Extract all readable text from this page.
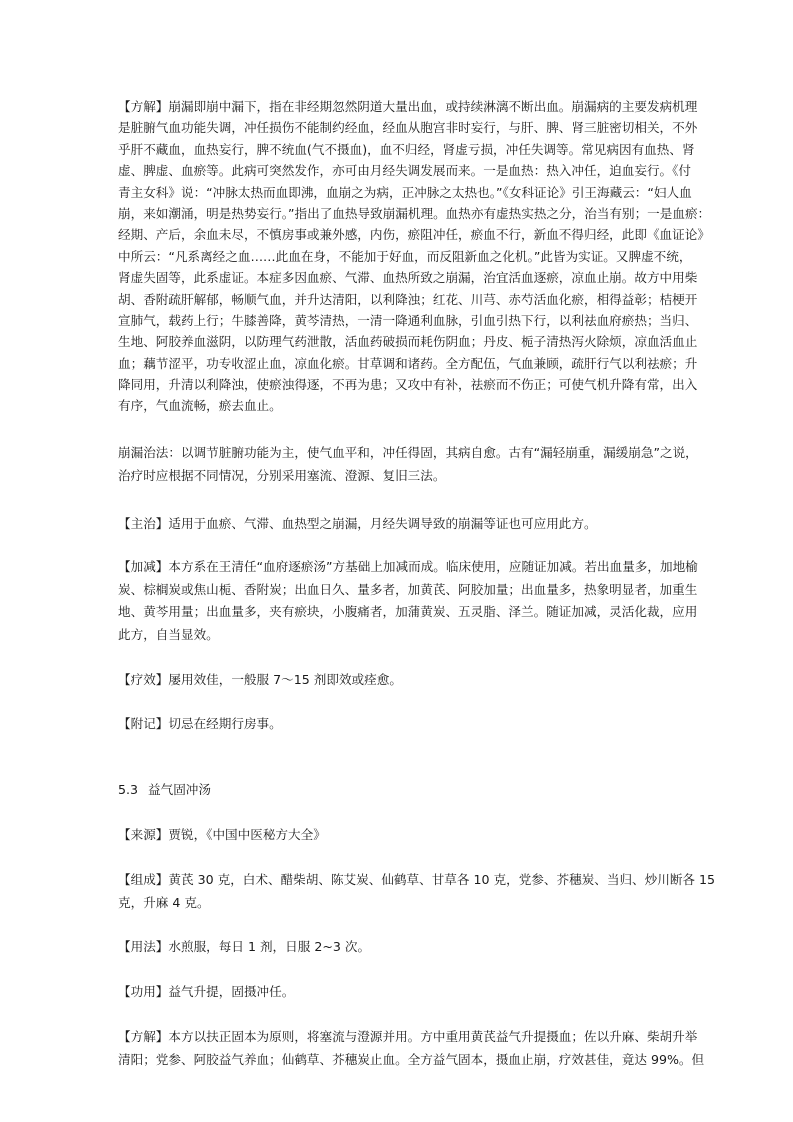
【方解】崩漏即崩中漏下，指在非经期忽然阴道大量出血，或持续淋漓不断出血。崩漏病的主要发病机理
是脏腑气血功能失调，冲任损伤不能制约经血，经血从胞宫非时妄行，与肝、脾、肾三脏密切相关，不外
乎肝不藏血，血热妄行，脾不统血(气不摄血)，血不归经，肾虚亏损，冲任失调等。常见病因有血热、肾
虚、脾虚、血瘀等。此病可突然发作，亦可由月经失调发展而来。一是血热：热入冲任，迫血妄行。《付
青主女科》说：“冲脉太热而血即沸，血崩之为病，正冲脉之太热也。”《女科证论》引王海藏云：“妇人血
崩，来如潮涌，明是热势妄行。”指出了血热导致崩漏机理。血热亦有虚热实热之分，治当有别；一是血瘀：
经期、产后，余血未尽，不慎房事或兼外感，内伤，瘀阻冲任，瘀血不行，新血不得归经，此即《血证论》
中所云：“凡系离经之血……此血在身，不能加于好血，而反阻新血之化机。”此皆为实证。又脾虚不统，
肾虚失固等，此系虚证。本症多因血瘀、气滞、血热所致之崩漏，治宜活血逐瘀，凉血止崩。故方中用柴
胡、香附疏肝解郁，畅顺气血，并升达清阳，以利降浊；红花、川芎、赤芍活血化瘀，相得益彰；桔梗开
宣肺气，载药上行；牛膝善降，黄芩清热，一清一降通利血脉，引血引热下行，以利祛血府瘀热；当归、
生地、阿胶养血滋阴，以防理气药泄散，活血药破损而耗伤阴血；丹皮、栀子清热泻火除烦，凉血活血止
血；藕节涩平，功专收涩止血，凉血化瘀。甘草调和诸药。全方配伍，气血兼顾，疏肝行气以利祛瘀；升
降同用，升清以利降浊，使瘀浊得逐，不再为患；又攻中有补，祛瘀而不伤正；可使气机升降有常，出入
有序，气血流畅，瘀去血止。
崩漏治法：以调节脏腑功能为主，使气血平和，冲任得固，其病自愈。古有“漏轻崩重，漏缓崩急”之说，
治疗时应根据不同情况，分别采用塞流、澄源、复旧三法。
【主治】适用于血瘀、气滞、血热型之崩漏，月经失调导致的崩漏等证也可应用此方。
【加减】本方系在王清任“血府逐瘀汤”方基础上加减而成。临床使用，应随证加减。若出血量多，加地榆
炭、棕榈炭或焦山栀、香附炭；出血日久、量多者，加黄芪、阿胶加量；出血量多，热象明显者，加重生
地、黄芩用量；出血量多，夹有瘀块，小腹痛者，加蒲黄炭、五灵脂、泽兰。随证加减，灵活化裁，应用
此方，自当显效。
【疗效】屡用效佳，一般服 7～15 剂即效或痊愈。
【附记】切忌在经期行房事。
5.3 益气固冲汤
【来源】贾锐，《中国中医秘方大全》
【组成】黄芪 30 克，白术、醋柴胡、陈艾炭、仙鹤草、甘草各 10 克，党参、芥穗炭、当归、炒川断各 15
克，升麻 4 克。
【用法】水煎服，每日 1 剂，日服 2~3 次。
【功用】益气升提，固摄冲任。
【方解】本方以扶正固本为原则，将塞流与澄源并用。方中重用黄芪益气升提摄血；佐以升麻、柴胡升举
清阳；党参、阿胶益气养血；仙鹤草、芥穗炭止血。全方益气固本，摄血止崩，疗效甚佳，竟达 99%。但
